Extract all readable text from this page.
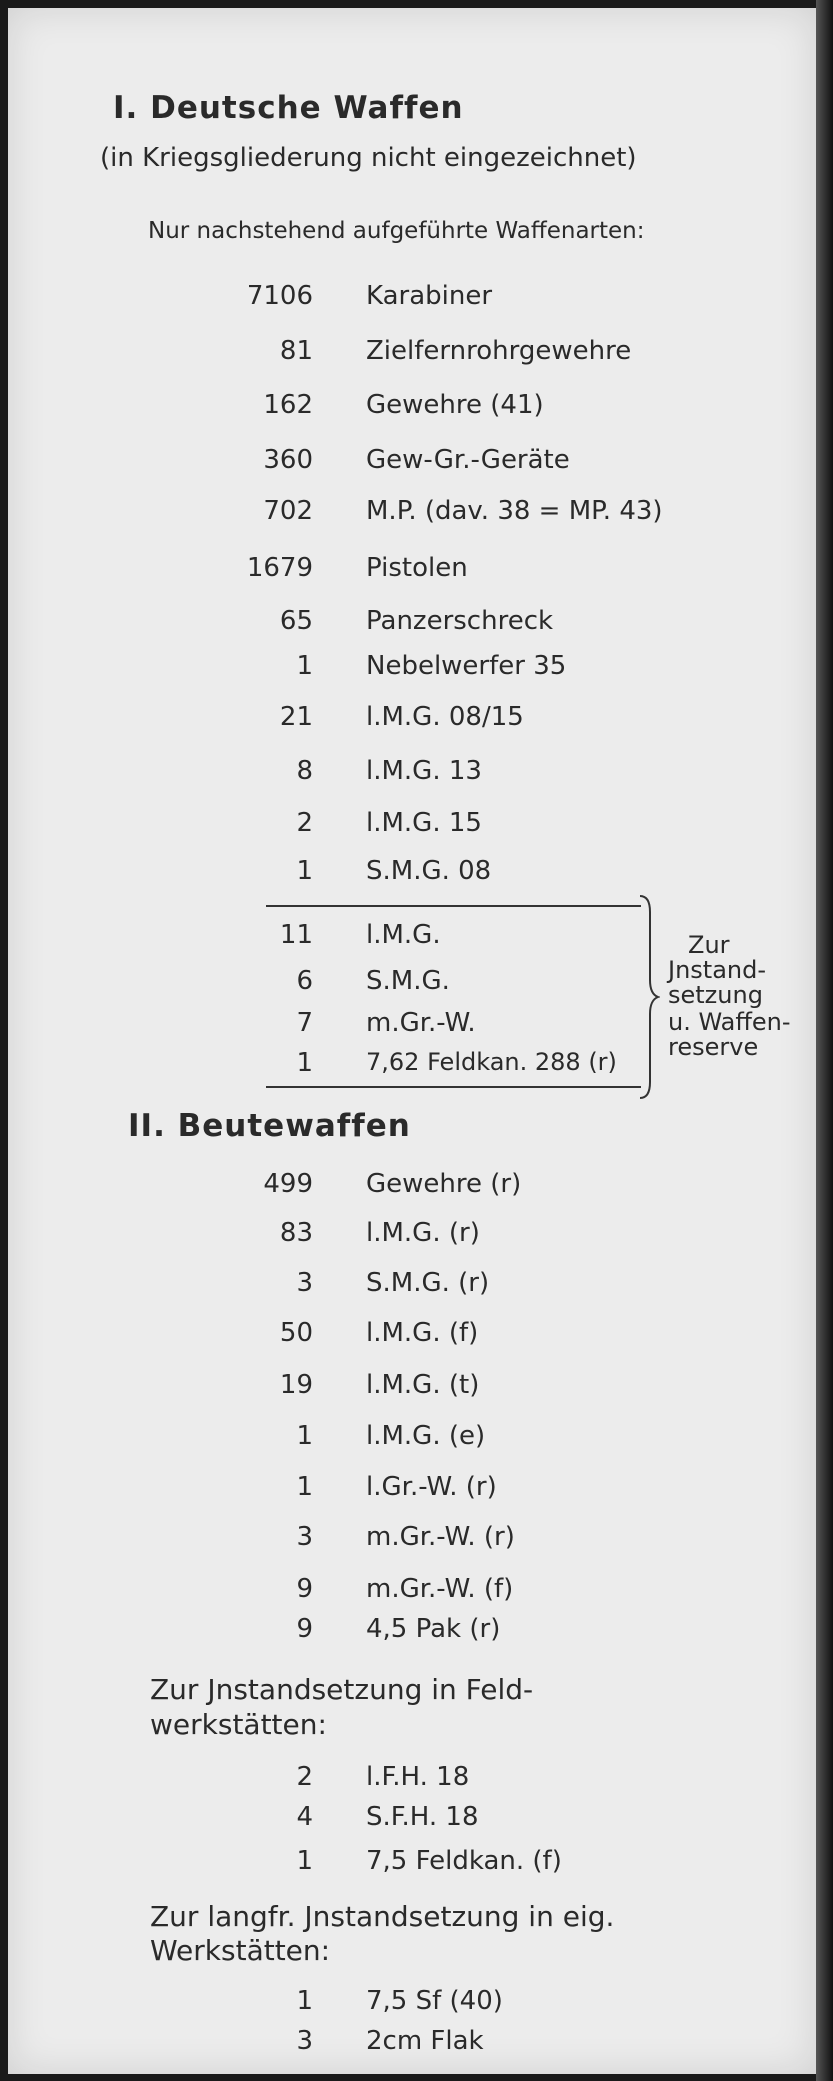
I. Deutsche Waffen
(in Kriegsgliederung nicht eingezeichnet)
Nur nachstehend aufgeführte Waffenarten:
7106 Karabiner
81 Zielfernrohrgewehre
162 Gewehre (41)
360 Gew-Gr.-Geräte
702 M.P. (dav. 38 = MP. 43)
1679 Pistolen
65 Panzerschreck
1 Nebelwerfer 35
21 l.M.G. 08/15
8 l.M.G. 13
2 l.M.G. 15
1 S.M.G. 08
11 l.M.G.
6 S.M.G.
7 m.Gr.-W.
1 7,62 Feldkan. 288 (r)
Zur
Jnstand-
setzung
u. Waffen-
reserve
II. Beutewaffen
499 Gewehre (r)
83 l.M.G. (r)
3 S.M.G. (r)
50 l.M.G. (f)
19 l.M.G. (t)
1 l.M.G. (e)
1 l.Gr.-W. (r)
3 m.Gr.-W. (r)
9 m.Gr.-W. (f)
9 4,5 Pak (r)
Zur Jnstandsetzung in Feld-
werkstätten:
2 l.F.H. 18
4 S.F.H. 18
1 7,5 Feldkan. (f)
Zur langfr. Jnstandsetzung in eig.
Werkstätten:
1 7,5 Sf (40)
3 2cm Flak
